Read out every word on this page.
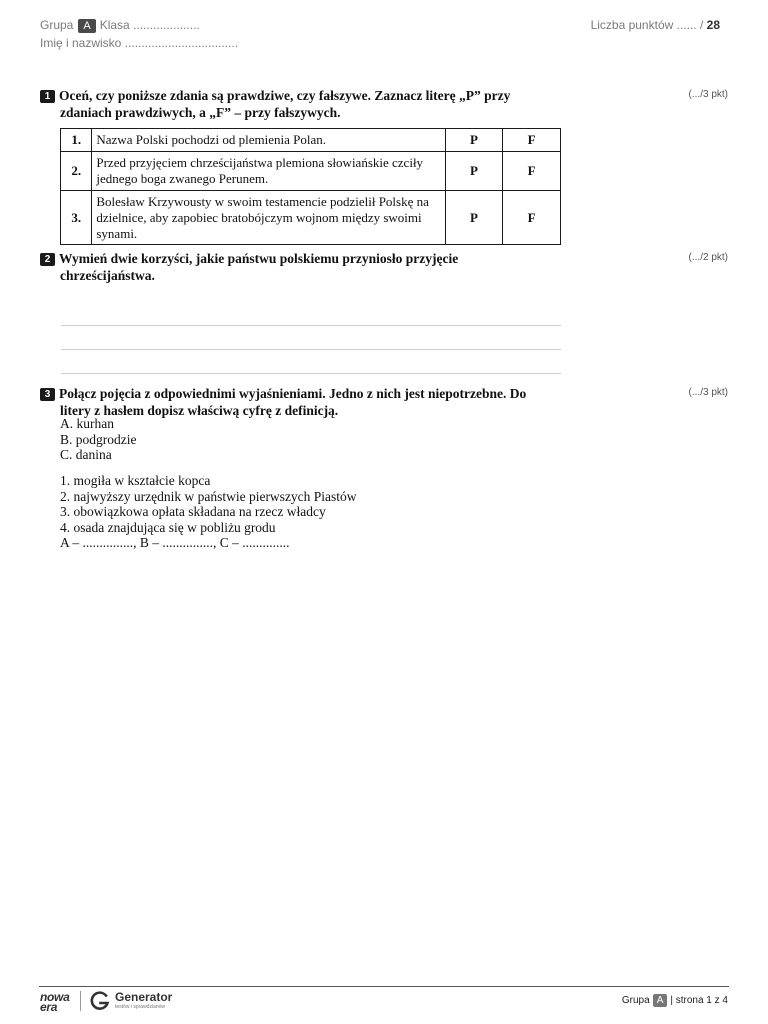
Grupa A Klasa ....................
Imię i nazwisko ..................................
Liczba punktów ...... / 28
1 Oceń, czy poniższe zdania są prawdziwe, czy fałszywe. Zaznacz literę „P” przy
zdaniach prawdziwych, a „F” – przy fałszywych.
(.../3 pkt)
1.	Nazwa Polski pochodzi od plemienia Polan.	P	F
2.	Przed przyjęciem chrześcijaństwa plemiona słowiańskie czciły jednego boga zwanego Perunem.	P	F
3.	Bolesław Krzywousty w swoim testamencie podzielił Polskę na dzielnice, aby zapobiec bratobójczym wojnom między swoimi synami.	P	F
2 Wymień dwie korzyści, jakie państwu polskiemu przyniosło przyjęcie
chrześcijaństwa.
(.../2 pkt)
3 Połącz pojęcia z odpowiednimi wyjaśnieniami. Jedno z nich jest niepotrzebne. Do
litery z hasłem dopisz właściwą cyfrę z definicją.
(.../3 pkt)
A. kurhan
B. podgrodzie
C. danina
1. mogiła w kształcie kopca
2. najwyższy urzędnik w państwie pierwszych Piastów
3. obowiązkowa opłata składana na rzecz władcy
4. osada znajdująca się w pobliżu grodu
A – ..............., B – ..............., C – ..............
nowa
era
Generator
testów i sprawdzianów
Grupa A | strona 1 z 4
